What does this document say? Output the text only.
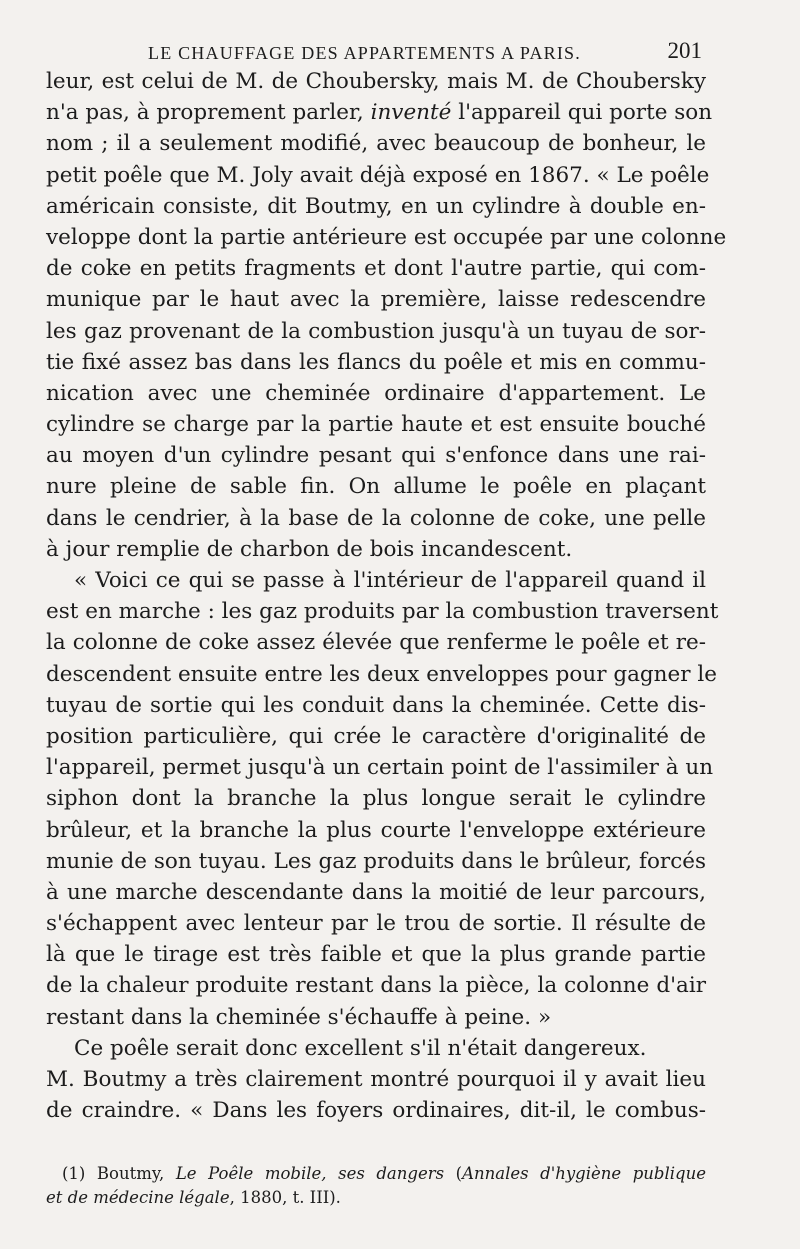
LE CHAUFFAGE DES APPARTEMENTS A PARIS.	201
leur, est celui de M. de Choubersky, mais M. de Choubersky
n'a pas, à proprement parler, inventé l'appareil qui porte son
nom ; il a seulement modifié, avec beaucoup de bonheur, le
petit poêle que M. Joly avait déjà exposé en 1867. « Le poêle
américain consiste, dit Boutmy, en un cylindre à double en-
veloppe dont la partie antérieure est occupée par une colonne
de coke en petits fragments et dont l'autre partie, qui com-
munique par le haut avec la première, laisse redescendre
les gaz provenant de la combustion jusqu'à un tuyau de sor-
tie fixé assez bas dans les flancs du poêle et mis en commu-
nication avec une cheminée ordinaire d'appartement. Le
cylindre se charge par la partie haute et est ensuite bouché
au moyen d'un cylindre pesant qui s'enfonce dans une rai-
nure pleine de sable fin. On allume le poêle en plaçant
dans le cendrier, à la base de la colonne de coke, une pelle
à jour remplie de charbon de bois incandescent.
« Voici ce qui se passe à l'intérieur de l'appareil quand il
est en marche : les gaz produits par la combustion traversent
la colonne de coke assez élevée que renferme le poêle et re-
descendent ensuite entre les deux enveloppes pour gagner le
tuyau de sortie qui les conduit dans la cheminée. Cette dis-
position particulière, qui crée le caractère d'originalité de
l'appareil, permet jusqu'à un certain point de l'assimiler à un
siphon dont la branche la plus longue serait le cylindre
brûleur, et la branche la plus courte l'enveloppe extérieure
munie de son tuyau. Les gaz produits dans le brûleur, forcés
à une marche descendante dans la moitié de leur parcours,
s'échappent avec lenteur par le trou de sortie. Il résulte de
là que le tirage est très faible et que la plus grande partie
de la chaleur produite restant dans la pièce, la colonne d'air
restant dans la cheminée s'échauffe à peine. »
Ce poêle serait donc excellent s'il n'était dangereux.
M. Boutmy a très clairement montré pourquoi il y avait lieu
de craindre. « Dans les foyers ordinaires, dit-il, le combus-
(1) Boutmy, Le Poêle mobile, ses dangers (Annales d'hygiène publique
et de médecine légale, 1880, t. III).
